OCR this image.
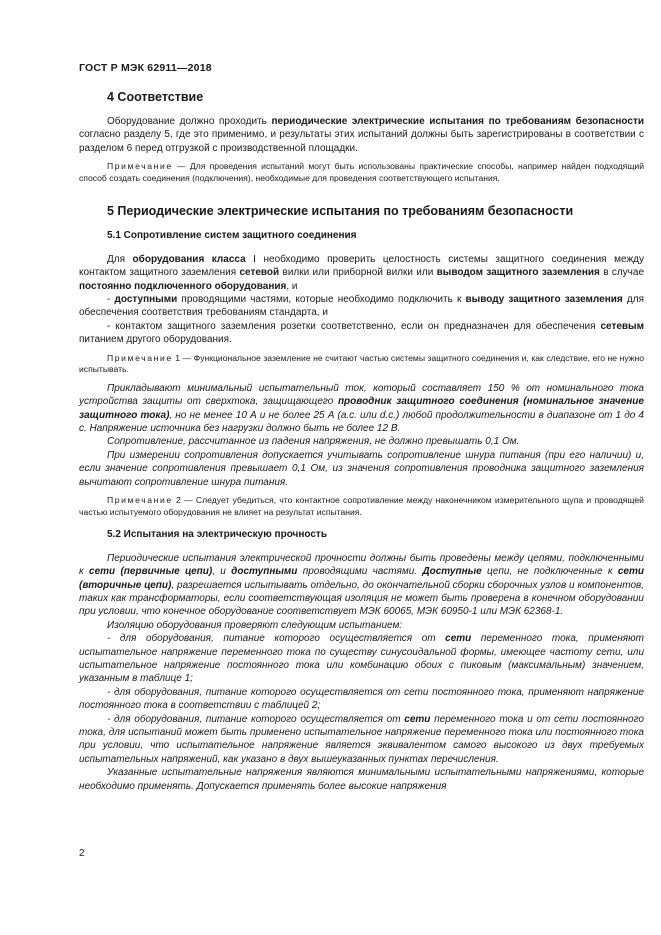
ГОСТ Р МЭК 62911—2018
4 Соответствие

Оборудование должно проходить периодические электрические испытания по требованиям безопасности согласно разделу 5, где это применимо, и результаты этих испытаний должны быть зарегистрированы в соответствии с разделом 6 перед отгрузкой с производственной площадки.

Примечание — Для проведения испытаний могут быть использованы практические способы, например найден подходящий способ создать соединения (подключения), необходимые для проведения соответствующего испытания.

5 Периодические электрические испытания по требованиям безопасности
5.1 Сопротивление систем защитного соединения

Для оборудования класса I необходимо проверить целостность системы защитного соединения между контактом защитного заземления сетевой вилки или приборной вилки или выводом защитного заземления в случае постоянно подключенного оборудования, и

- доступными проводящими частями, которые необходимо подключить к выводу защитного заземления для обеспечения соответствия требованиям стандарта, и

- контактом защитного заземления розетки соответственно, если он предназначен для обеспечения сетевым питанием другого оборудования.

Примечание 1 — Функциональное заземление не считают частью системы защитного соединения и, как следствие, его не нужно испытывать.

Прикладывают минимальный испытательный ток, который составляет 150 % от номинального тока устройства защиты от сверхтока, защищающего проводник защитного соединения (номинальное значение защитного тока), но не менее 10 А и не более 25 А (a.c. или d.c.) любой продолжительности в диапазоне от 1 до 4 с. Напряжение источника без нагрузки должно быть не более 12 В.

Сопротивление, рассчитанное из падения напряжения, не должно превышать 0,1 Ом.

При измерении сопротивления допускается учитывать сопротивление шнура питания (при его наличии) и, если значение сопротивления превышает 0,1 Ом, из значения сопротивления проводника защитного заземления вычитают сопротивление шнура питания.

Примечание 2 — Следует убедиться, что контактное сопротивление между наконечником измерительного щупа и проводящей частью испытуемого оборудования не влияет на результат испытания.

5.2 Испытания на электрическую прочность

Периодические испытания электрической прочности должны быть проведены между цепями, подключенными к сети (первичные цепи), и доступными проводящими частями. Доступные цепи, не подключенные к сети (вторичные цепи), разрешается испытывать отдельно, до окончательной сборки сборочных узлов и компонентов, таких как трансформаторы, если соответствующая изоляция не может быть проверена в конечном оборудовании при условии, что конечное оборудование соответствует МЭК 60065, МЭК 60950-1 или МЭК 62368-1.

Изоляцию оборудования проверяют следующим испытанием:

- для оборудования, питание которого осуществляется от сети переменного тока, применяют испытательное напряжение переменного тока по существу синусоидальной формы, имеющее частоту сети, или испытательное напряжение постоянного тока или комбинацию обоих с пиковым (максимальным) значением, указанным в таблице 1;

- для оборудования, питание которого осуществляется от сети постоянного тока, применяют напряжение постоянного тока в соответствии с таблицей 2;

- для оборудования, питание которого осуществляется от сети переменного тока и от сети постоянного тока, для испытаний может быть применено испытательное напряжение переменного тока или постоянного тока при условии, что испытательное напряжение является эквивалентом самого высокого из двух требуемых испытательных напряжений, как указано в двух вышеуказанных пунктах перечисления.

Указанные испытательные напряжения являются минимальными испытательными напряжениями, которые необходимо применять. Допускается применять более высокие напряжения

2
